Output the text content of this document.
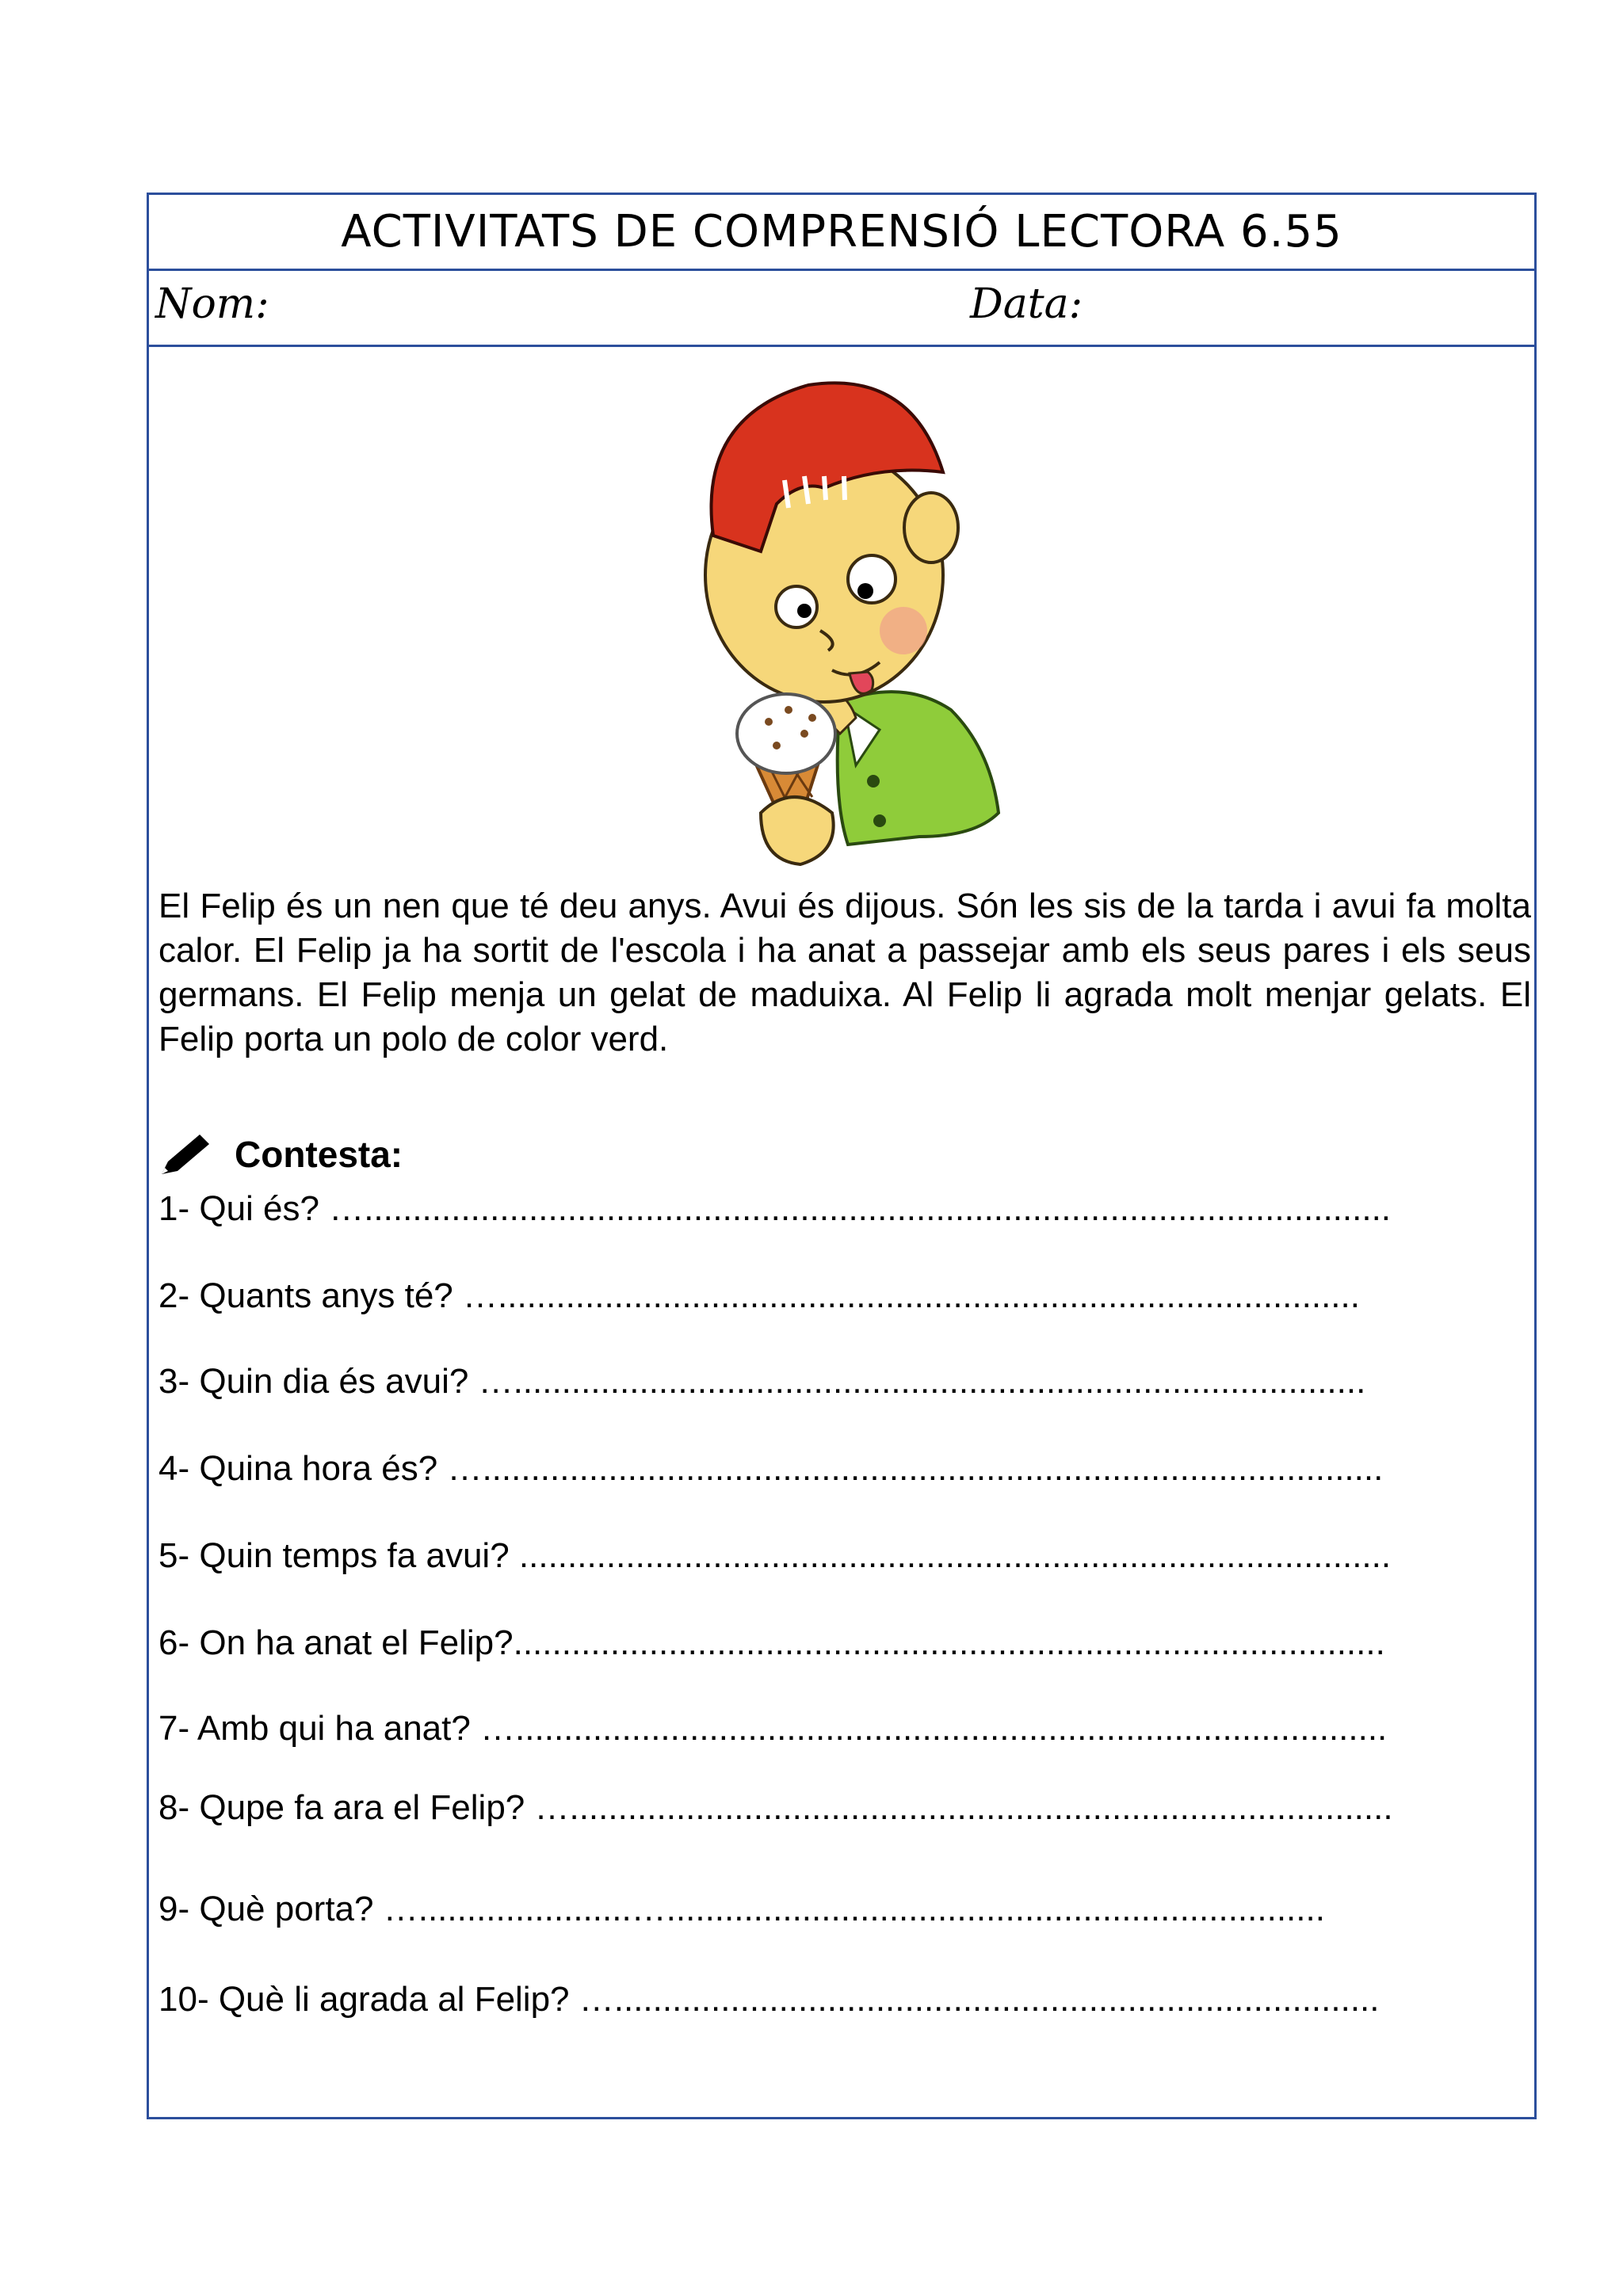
ACTIVITATS DE COMPRENSIÓ LECTORA 6.55
Nom:	Data:
El Felip és un nen que té deu anys. Avui és dijous. Són les sis de la tarda i avui fa molta calor. El Felip ja ha sortit de l'escola i ha anat a passejar amb els seus pares i els seus germans. El Felip menja un gelat de maduixa. Al Felip li agrada molt menjar gelats. El Felip porta un polo de color verd.
Contesta:
1- Qui és? …..........................................................................................................
2- Quants anys té? ….........................................................................................
3- Quin dia és avui? …........................................................................................
4- Quina hora és? ….............................................................................................
5- Quin temps fa avui? ..........................................................................................
6- On ha anat el Felip?..........................................................................................
7- Amb qui ha anat? …..........................................................................................
8- Qupe fa ara el Felip? ….....................................................................................
9- Què porta? …......................…....................................................................
10- Què li agrada al Felip? …...............................................................................
